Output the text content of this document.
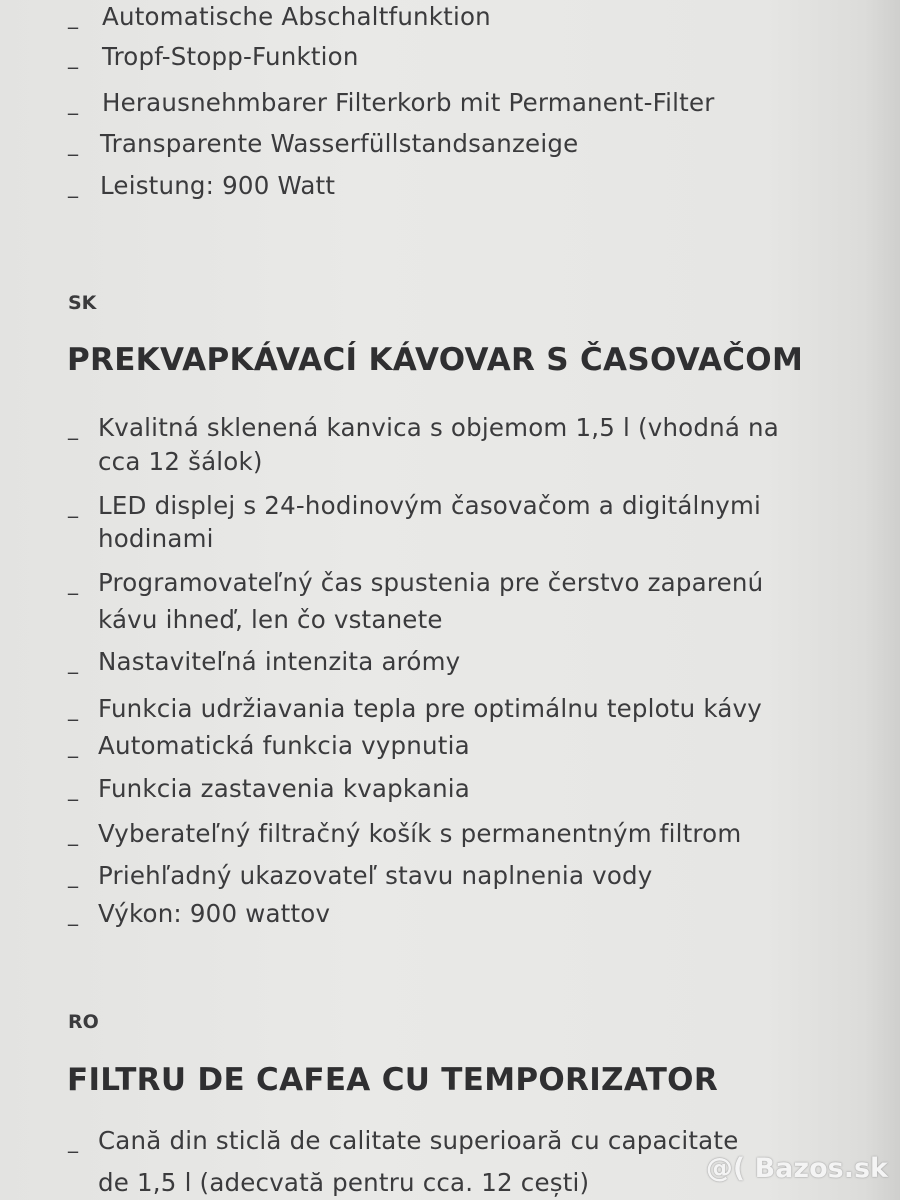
_ Automatische Abschaltfunktion
_ Tropf-Stopp-Funktion
_ Herausnehmbarer Filterkorb mit Permanent-Filter
_ Transparente Wasserfüllstandsanzeige
_ Leistung: 900 Watt
SK
PREKVAPKÁVACÍ KÁVOVAR S ČASOVAČOM
_ Kvalitná sklenená kanvica s objemom 1,5 l (vhodná na
cca 12 šálok)
_ LED displej s 24-hodinovým časovačom a digitálnymi
hodinami
_ Programovateľný čas spustenia pre čerstvo zaparenú
kávu ihneď, len čo vstanete
_ Nastaviteľná intenzita arómy
_ Funkcia udržiavania tepla pre optimálnu teplotu kávy
_ Automatická funkcia vypnutia
_ Funkcia zastavenia kvapkania
_ Vyberateľný filtračný košík s permanentným filtrom
_ Priehľadný ukazovateľ stavu naplnenia vody
_ Výkon: 900 wattov
RO
FILTRU DE CAFEA CU TEMPORIZATOR
_ Cană din sticlă de calitate superioară cu capacitate
de 1,5 l (adecvată pentru cca. 12 cești)	@( Bazos.sk
